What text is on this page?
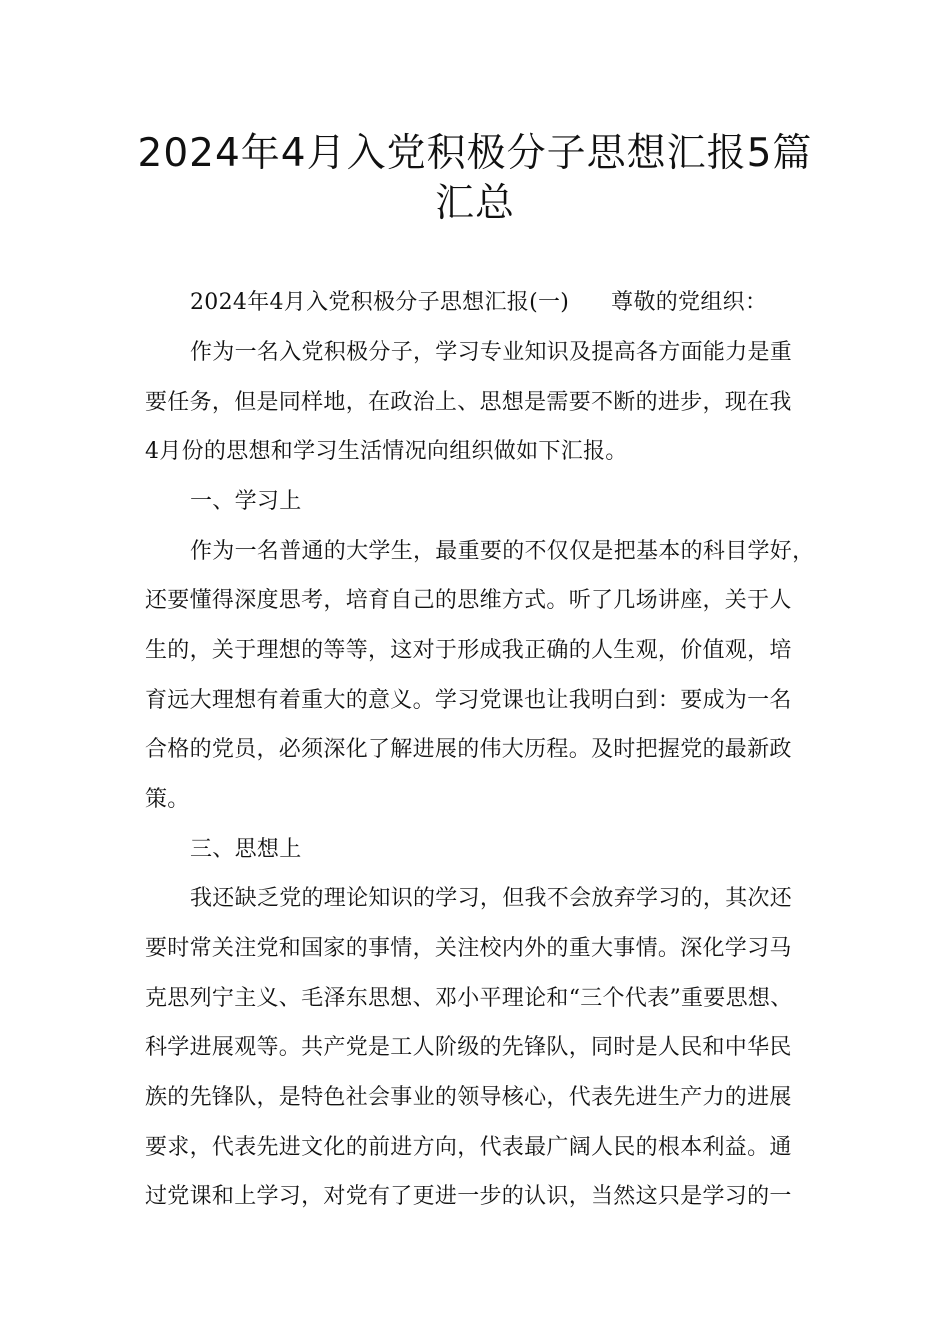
2024年4月入党积极分子思想汇报5篇
汇总
2024年4月入党积极分子思想汇报(一) 尊敬的党组织：
作为一名入党积极分子，学习专业知识及提高各方面能力是重
要任务，但是同样地，在政治上、思想是需要不断的进步，现在我
4月份的思想和学习生活情况向组织做如下汇报。
一、学习上
作为一名普通的大学生，最重要的不仅仅是把基本的科目学好，
还要懂得深度思考，培育自己的思维方式。听了几场讲座，关于人
生的，关于理想的等等，这对于形成我正确的人生观，价值观，培
育远大理想有着重大的意义。学习党课也让我明白到：要成为一名
合格的党员，必须深化了解进展的伟大历程。及时把握党的最新政
策。
三、思想上
我还缺乏党的理论知识的学习，但我不会放弃学习的，其次还
要时常关注党和国家的事情，关注校内外的重大事情。深化学习马
克思列宁主义、毛泽东思想、邓小平理论和“三个代表”重要思想、
科学进展观等。共产党是工人阶级的先锋队，同时是人民和中华民
族的先锋队，是特色社会事业的领导核心，代表先进生产力的进展
要求，代表先进文化的前进方向，代表最广阔人民的根本利益。通
过党课和上学习，对党有了更进一步的认识，当然这只是学习的一
